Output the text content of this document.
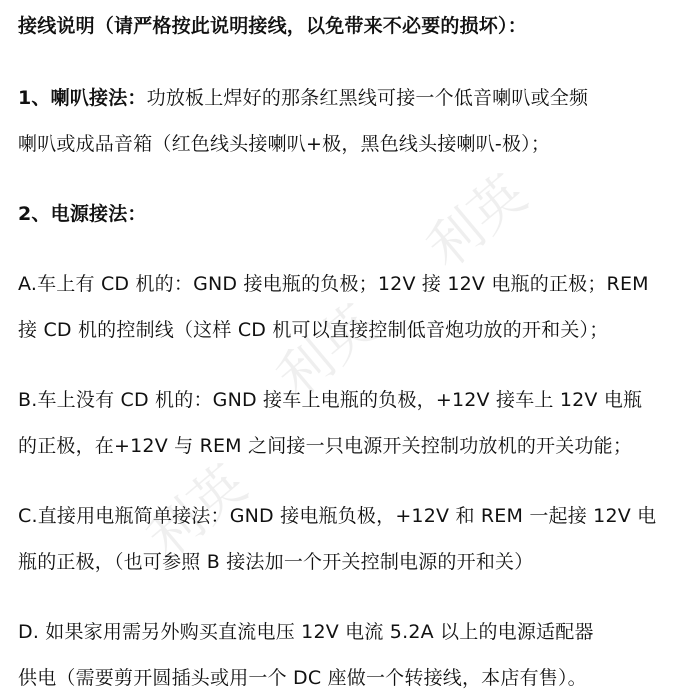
利英
利英
利英
接线说明（请严格按此说明接线，以免带来不必要的损坏）：
1、喇叭接法：功放板上焊好的那条红黑线可接一个低音喇叭或全频
喇叭或成品音箱（红色线头接喇叭+极，黑色线头接喇叭-极）；
2、电源接法：
A.车上有 CD 机的：GND 接电瓶的负极；12V 接 12V 电瓶的正极；REM
接 CD 机的控制线（这样 CD 机可以直接控制低音炮功放的开和关）；
B.车上没有 CD 机的：GND 接车上电瓶的负极，+12V 接车上 12V 电瓶
的正极，在+12V 与 REM 之间接一只电源开关控制功放机的开关功能；
C.直接用电瓶简单接法：GND 接电瓶负极，+12V 和 REM 一起接 12V 电
瓶的正极，（也可参照 B 接法加一个开关控制电源的开和关）
D. 如果家用需另外购买直流电压 12V 电流 5.2A 以上的电源适配器
供电（需要剪开圆插头或用一个 DC 座做一个转接线，本店有售）。
